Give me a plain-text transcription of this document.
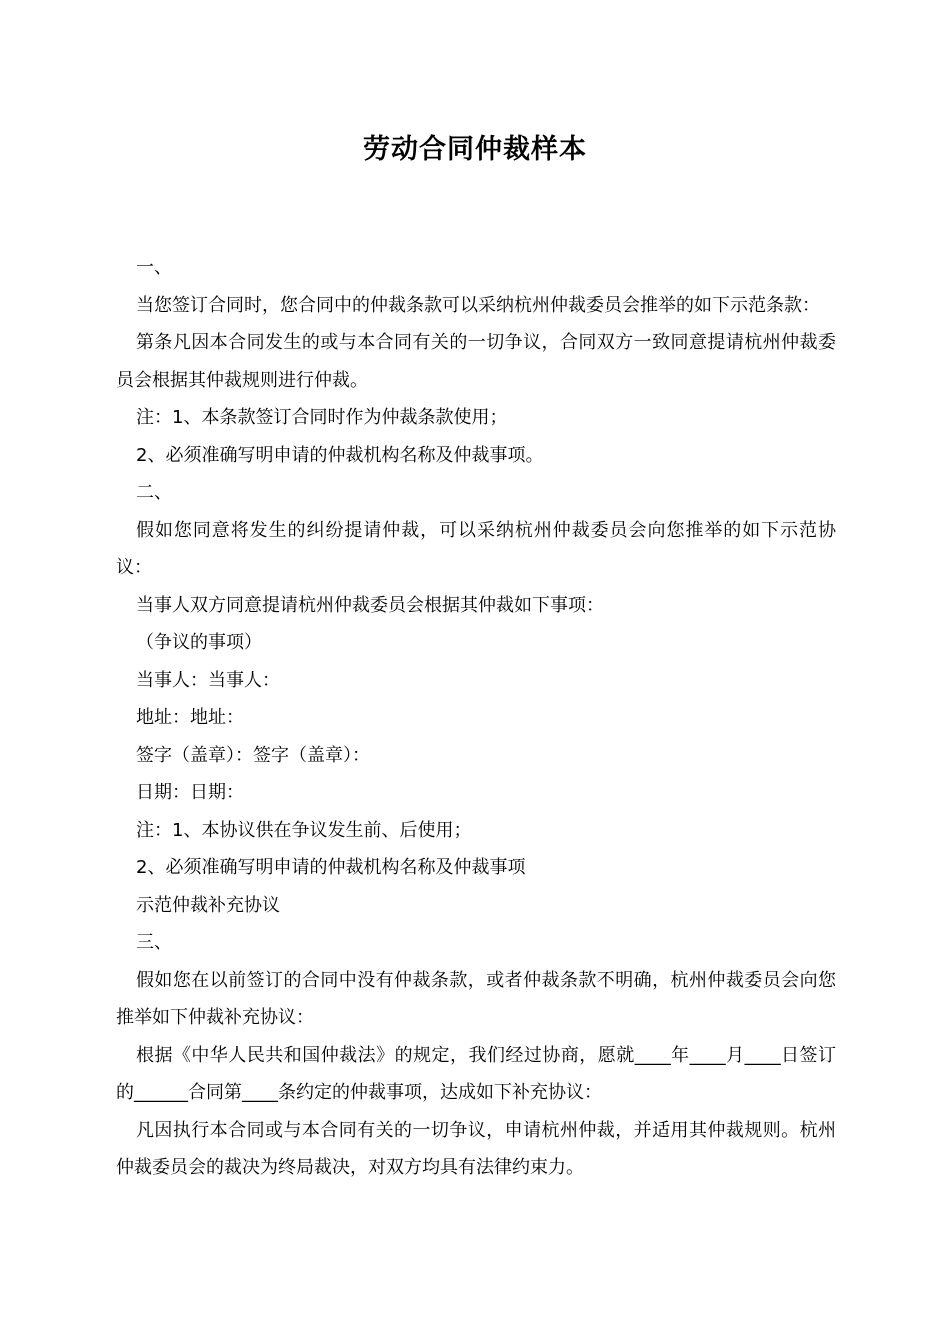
劳动合同仲裁样本

一、

当您签订合同时，您合同中的仲裁条款可以采纳杭州仲裁委员会推举的如下示范条款：

第条凡因本合同发生的或与本合同有关的一切争议，合同双方一致同意提请杭州仲裁委员会根据其仲裁规则进行仲裁。

注：1、本条款签订合同时作为仲裁条款使用；

2、必须准确写明申请的仲裁机构名称及仲裁事项。

二、

假如您同意将发生的纠纷提请仲裁，可以采纳杭州仲裁委员会向您推举的如下示范协议：

当事人双方同意提请杭州仲裁委员会根据其仲裁如下事项：

（争议的事项）

当事人：当事人：

地址：地址：

签字（盖章）：签字（盖章）：

日期：日期：

注：1、本协议供在争议发生前、后使用；

2、必须准确写明申请的仲裁机构名称及仲裁事项

示范仲裁补充协议

三、

假如您在以前签订的合同中没有仲裁条款，或者仲裁条款不明确，杭州仲裁委员会向您推举如下仲裁补充协议：

根据《中华人民共和国仲裁法》的规定，我们经过协商，愿就____年____月____日签订的______合同第____条约定的仲裁事项，达成如下补充协议：

凡因执行本合同或与本合同有关的一切争议，申请杭州仲裁，并适用其仲裁规则。杭州仲裁委员会的裁决为终局裁决，对双方均具有法律约束力。
